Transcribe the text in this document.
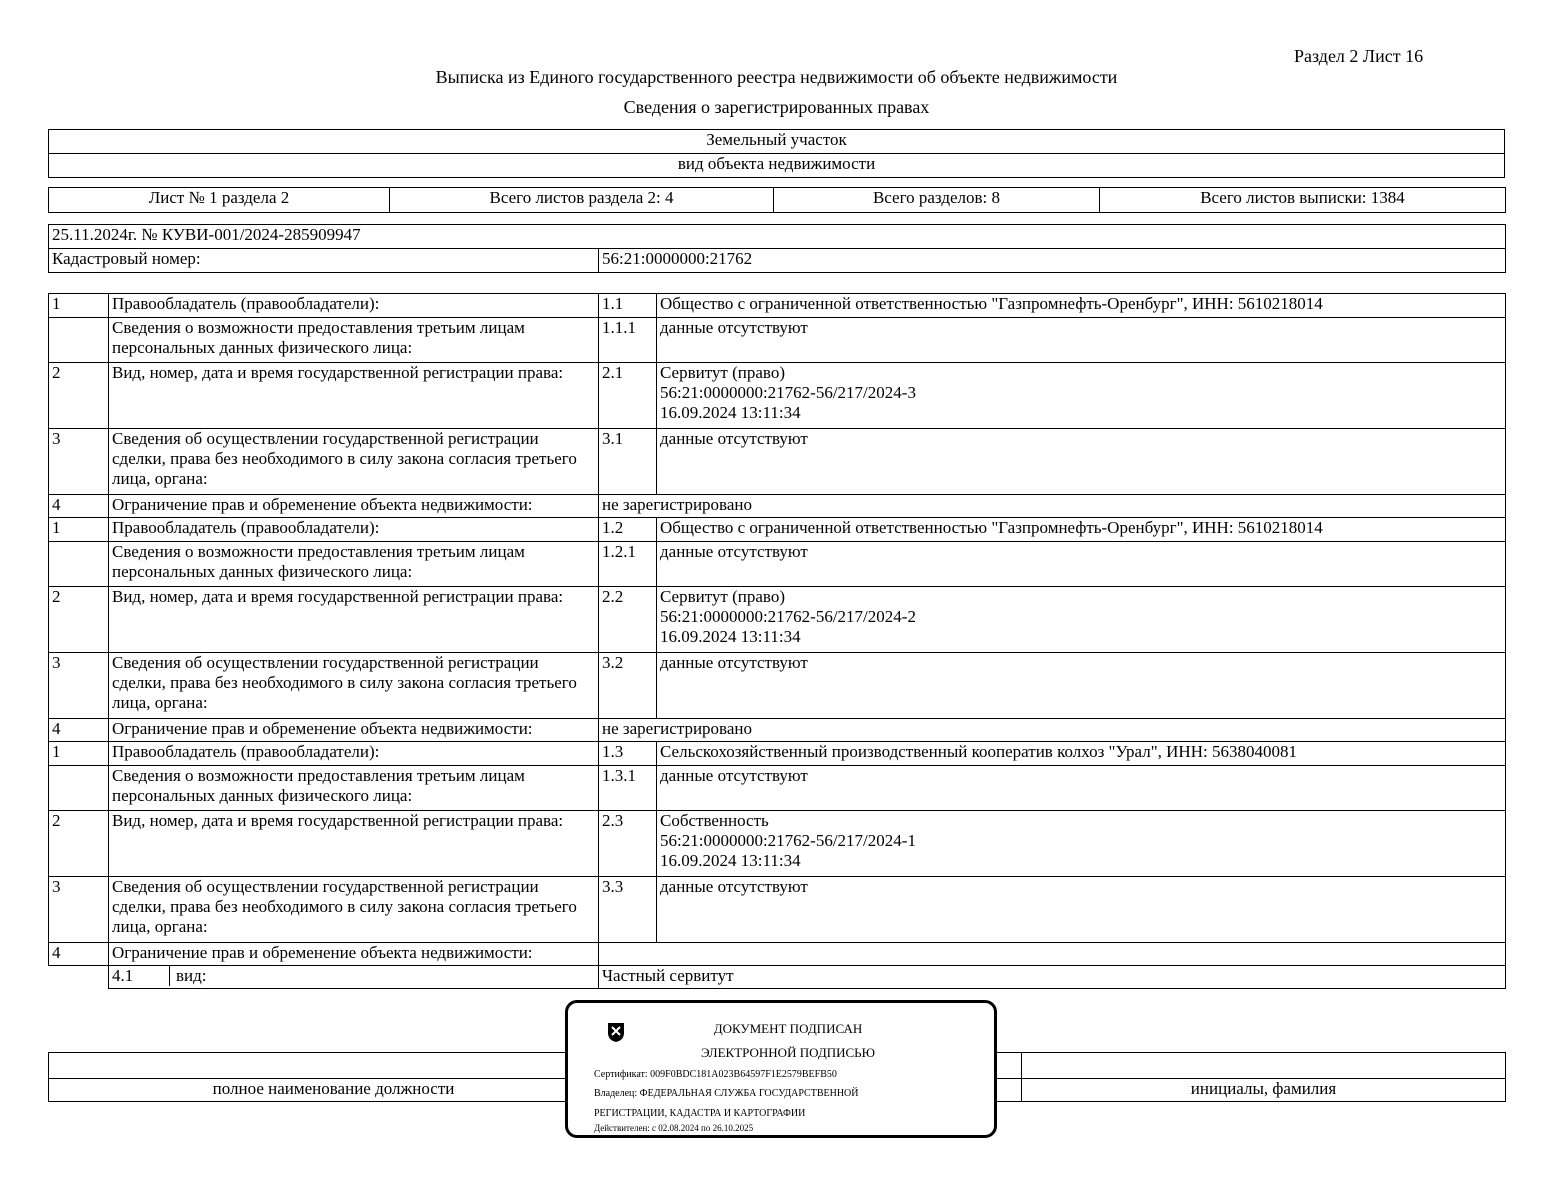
Раздел 2 Лист 16
Выписка из Единого государственного реестра недвижимости об объекте недвижимости
Сведения о зарегистрированных правах
Земельный участок
вид объекта недвижимости
Лист № 1 раздела 2	Всего листов раздела 2: 4	Всего разделов: 8	Всего листов выписки: 1384
25.11.2024г. № КУВИ-001/2024-285909947
Кадастровый номер:	56:21:0000000:21762
1	Правообладатель (правообладатели):	1.1	Общество с ограниченной ответственностью "Газпромнефть-Оренбург", ИНН: 5610218014
	Сведения о возможности предоставления третьим лицам персональных данных физического лица:	1.1.1	данные отсутствуют
2	Вид, номер, дата и время государственной регистрации права:	2.1	Сервитут (право)
56:21:0000000:21762-56/217/2024-3
16.09.2024 13:11:34
3	Сведения об осуществлении государственной регистрации сделки, права без необходимого в силу закона согласия третьего лица, органа:	3.1	данные отсутствуют
4	Ограничение прав и обременение объекта недвижимости:	не зарегистрировано	
1	Правообладатель (правообладатели):	1.2	Общество с ограниченной ответственностью "Газпромнефть-Оренбург", ИНН: 5610218014
	Сведения о возможности предоставления третьим лицам персональных данных физического лица:	1.2.1	данные отсутствуют
2	Вид, номер, дата и время государственной регистрации права:	2.2	Сервитут (право)
56:21:0000000:21762-56/217/2024-2
16.09.2024 13:11:34
3	Сведения об осуществлении государственной регистрации сделки, права без необходимого в силу закона согласия третьего лица, органа:	3.2	данные отсутствуют
4	Ограничение прав и обременение объекта недвижимости:	не зарегистрировано	
1	Правообладатель (правообладатели):	1.3	Сельскохозяйственный производственный кооператив колхоз "Урал", ИНН: 5638040081
	Сведения о возможности предоставления третьим лицам персональных данных физического лица:	1.3.1	данные отсутствуют
2	Вид, номер, дата и время государственной регистрации права:	2.3	Собственность
56:21:0000000:21762-56/217/2024-1
16.09.2024 13:11:34
3	Сведения об осуществлении государственной регистрации сделки, права без необходимого в силу закона согласия третьего лица, органа:	3.3	данные отсутствуют
4	Ограничение прав и обременение объекта недвижимости:		

	4.1 вид:	Частный сервитут	

полное наименование должности		инициалы, фамилия
ДОКУМЕНТ ПОДПИСАН
ЭЛЕКТРОННОЙ ПОДПИСЬЮ
Сертификат: 009F0BDC181A023B64597F1E2579BEFB50
Владелец: ФЕДЕРАЛЬНАЯ СЛУЖБА ГОСУДАРСТВЕННОЙ
РЕГИСТРАЦИИ, КАДАСТРА И КАРТОГРАФИИ
Действителен: с 02.08.2024 по 26.10.2025
